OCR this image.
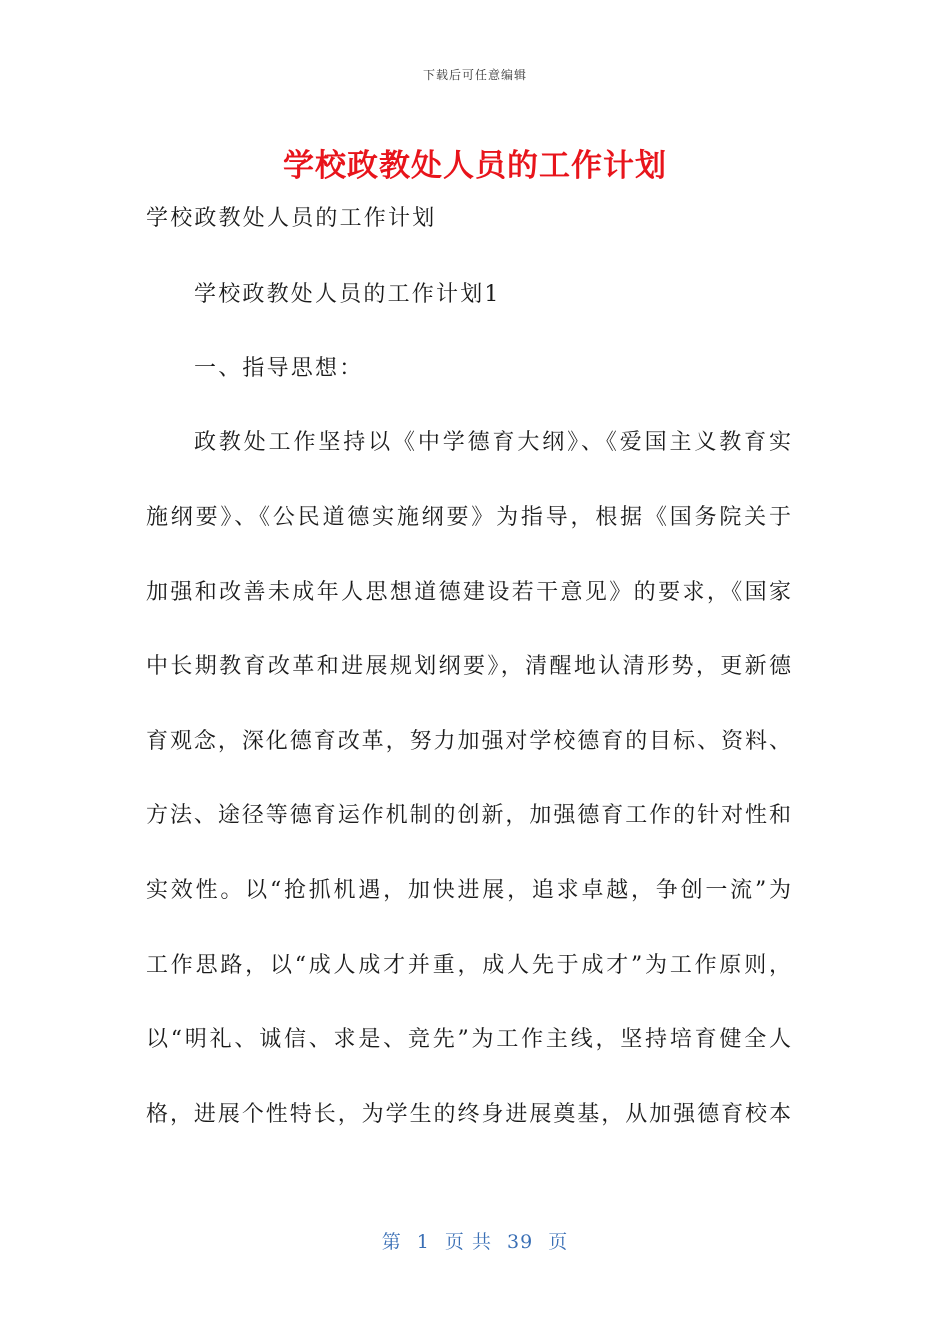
下载后可任意编辑
学校政教处人员的工作计划
学校政教处人员的工作计划
学校政教处人员的工作计划1
一、指导思想：
政教处工作坚持以《中学德育大纲》、《爱国主义教育实
施纲要》、《公民道德实施纲要》为指导，根据《国务院关于
加强和改善未成年人思想道德建设若干意见》的要求，《国家
中长期教育改革和进展规划纲要》，清醒地认清形势，更新德
育观念，深化德育改革，努力加强对学校德育的目标、资料、
方法、途径等德育运作机制的创新，加强德育工作的针对性和
实效性。以“抢抓机遇，加快进展，追求卓越，争创一流”为
工作思路，以“成人成才并重，成人先于成才”为工作原则，
以“明礼、诚信、求是、竞先”为工作主线，坚持培育健全人
格，进展个性特长，为学生的终身进展奠基，从加强德育校本
第 1 页 共 39 页
